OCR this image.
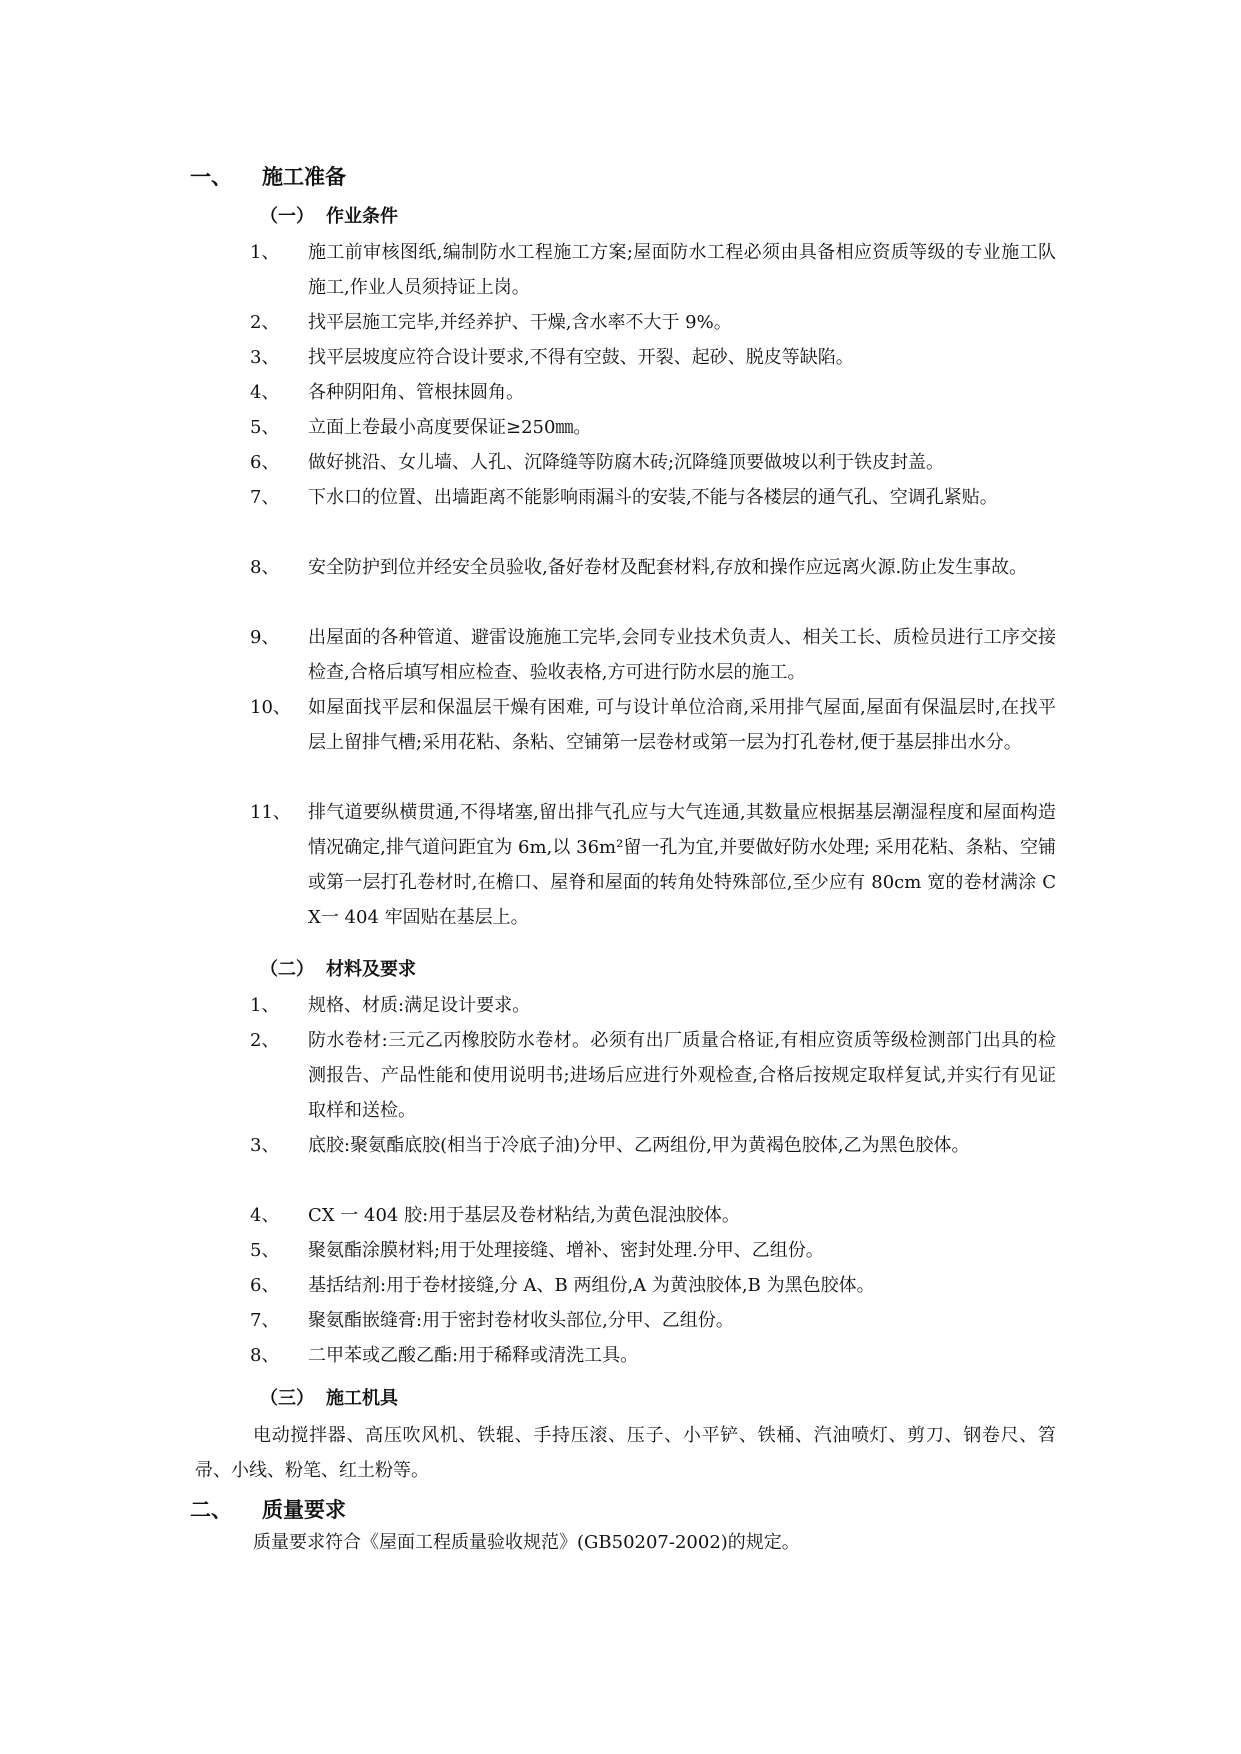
一、 施工准备
（一） 作业条件
1、 施工前审核图纸,编制防水工程施工方案;屋面防水工程必须由具备相应资质等级的专业施工队施工,作业人员须持证上岗。
2、 找平层施工完毕,并经养护、干燥,含水率不大于 9%。
3、 找平层坡度应符合设计要求,不得有空鼓、开裂、起砂、脱皮等缺陷。
4、 各种阴阳角、管根抹圆角。
5、 立面上卷最小高度要保证≥250㎜。
6、 做好挑沿、女儿墙、人孔、沉降缝等防腐木砖;沉降缝顶要做坡以利于铁皮封盖。
7、 下水口的位置、出墙距离不能影响雨漏斗的安装,不能与各楼层的通气孔、空调孔紧贴。
8、 安全防护到位并经安全员验收,备好卷材及配套材料,存放和操作应远离火源.防止发生事故。
9、 出屋面的各种管道、避雷设施施工完毕,会同专业技术负责人、相关工长、质检员进行工序交接检查,合格后填写相应检查、验收表格,方可进行防水层的施工。
10、 如屋面找平层和保温层干燥有困难, 可与设计单位洽商,采用排气屋面,屋面有保温层时,在找平层上留排气槽;采用花粘、条粘、空铺第一层卷材或第一层为打孔卷材,便于基层排出水分。
11、 排气道要纵横贯通,不得堵塞,留出排气孔应与大气连通,其数量应根据基层潮湿程度和屋面构造情况确定,排气道问距宜为 6m,以 36m²留一孔为宜,并要做好防水处理; 采用花粘、条粘、空铺或第一层打孔卷材时,在檐口、屋脊和屋面的转角处特殊部位,至少应有 80cm 宽的卷材满涂 CX一 404 牢固贴在基层上。
（二） 材料及要求
1、 规格、材质:满足设计要求。
2、 防水卷材:三元乙丙橡胶防水卷材。必须有出厂质量合格证,有相应资质等级检测部门出具的检测报告、产品性能和使用说明书;进场后应进行外观检查,合格后按规定取样复试,并实行有见证取样和送检。
3、 底胶:聚氨酯底胶(相当于冷底子油)分甲、乙两组份,甲为黄褐色胶体,乙为黑色胶体。
4、 CX 一 404 胶:用于基层及卷材粘结,为黄色混浊胶体。
5、 聚氨酯涂膜材料;用于处理接缝、增补、密封处理.分甲、乙组份。
6、 基括结剂:用于卷材接缝,分 A、B 两组份,A 为黄浊胶体,B 为黑色胶体。
7、 聚氨酯嵌缝膏:用于密封卷材收头部位,分甲、乙组份。
8、 二甲苯或乙酸乙酯:用于稀释或清洗工具。
（三） 施工机具
电动搅拌器、高压吹风机、铁辊、手持压滚、压子、小平铲、铁桶、汽油喷灯、剪刀、钢卷尺、笤帚、小线、粉笔、红土粉等。
二、 质量要求
质量要求符合《屋面工程质量验收规范》(GB50207-2002)的规定。
